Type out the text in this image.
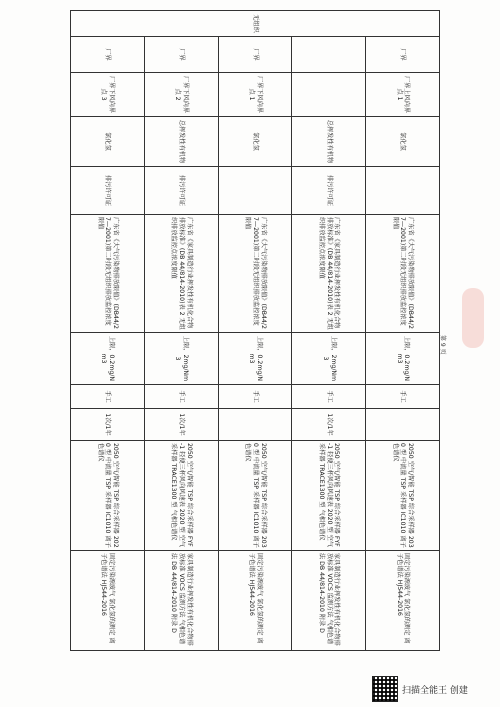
无组织	厂界	厂界上风向界点 1	氯化氢		广东省《大气污染物排放限值》(DB44/27—2001)第二时段无组织排放监控浓度限值	上限，0.2mg/Nm3	手工		2050 空气/智能 TSP 综合采样器 2030 型 中流量 TSP 采样器 IC1010 离子色谱仪	固定污染源废气 氯化氢的测定 离子色谱法 HJ544-2016
			总挥发性有机物	排污许可证	广东省《家具制造行业挥发性有机化合物排放标准》(DB 44/814-2010)表 2 无组织排放监控点浓度限值	上限，2mg/Nm3	手工	1次/1年	2050 空气/智能 TSP 综合采样器 FYF-1 轻便三杯风向风速表 2020 型 空气采样器 TRACE1300 型 气相色谱仪	家具制造行业挥发性有机化合物排放标准 VOCS 监测方法 气相色谱法 DB 44/814-2010 附录 D
	厂界	厂界下风向界点 1	氯化氢		广东省《大气污染物排放限值》(DB44/27—2001)第二时段无组织排放监控浓度限值	上限，0.2mg/Nm3	手工		2050 空气/智能 TSP 综合采样器 2030 型 中流量 TSP 采样器 IC1010 离子色谱仪	固定污染源废气 氯化氢的测定 离子色谱法 HJ544-2016
	厂界	厂界下风向界点 2	总挥发性有机物	排污许可证	广东省《家具制造行业挥发性有机化合物排放标准》(DB 44/814-2010)表 2 无组织排放监控点浓度限值	上限，2mg/Nm3	手工	1次/1年	2050 空气/智能 TSP 综合采样器 FYF-1 轻便三杯风向风速表 2020 型 空气采样器 TRACE1300 型 气相色谱仪	家具制造行业挥发性有机化合物排放标准 VOCS 监测方法 气相色谱法 DB 44/814-2010 附录 D
	厂界	厂界下风向界点 3	氯化氢	排污许可证	广东省《大气污染物排放限值》(DB44/27—2001)第二时段无组织排放监控浓度限值	上限，0.2mg/Nm3	手工	1次/1年	2050 空气/智能 TSP 综合采样器 2020 型 中流量 TSP 采样器 IC1010 离子色谱仪	固定污染源废气 氯化氢的测定 离子色谱法 HJ544-2016
第 9 页
扫描全能王 创建
